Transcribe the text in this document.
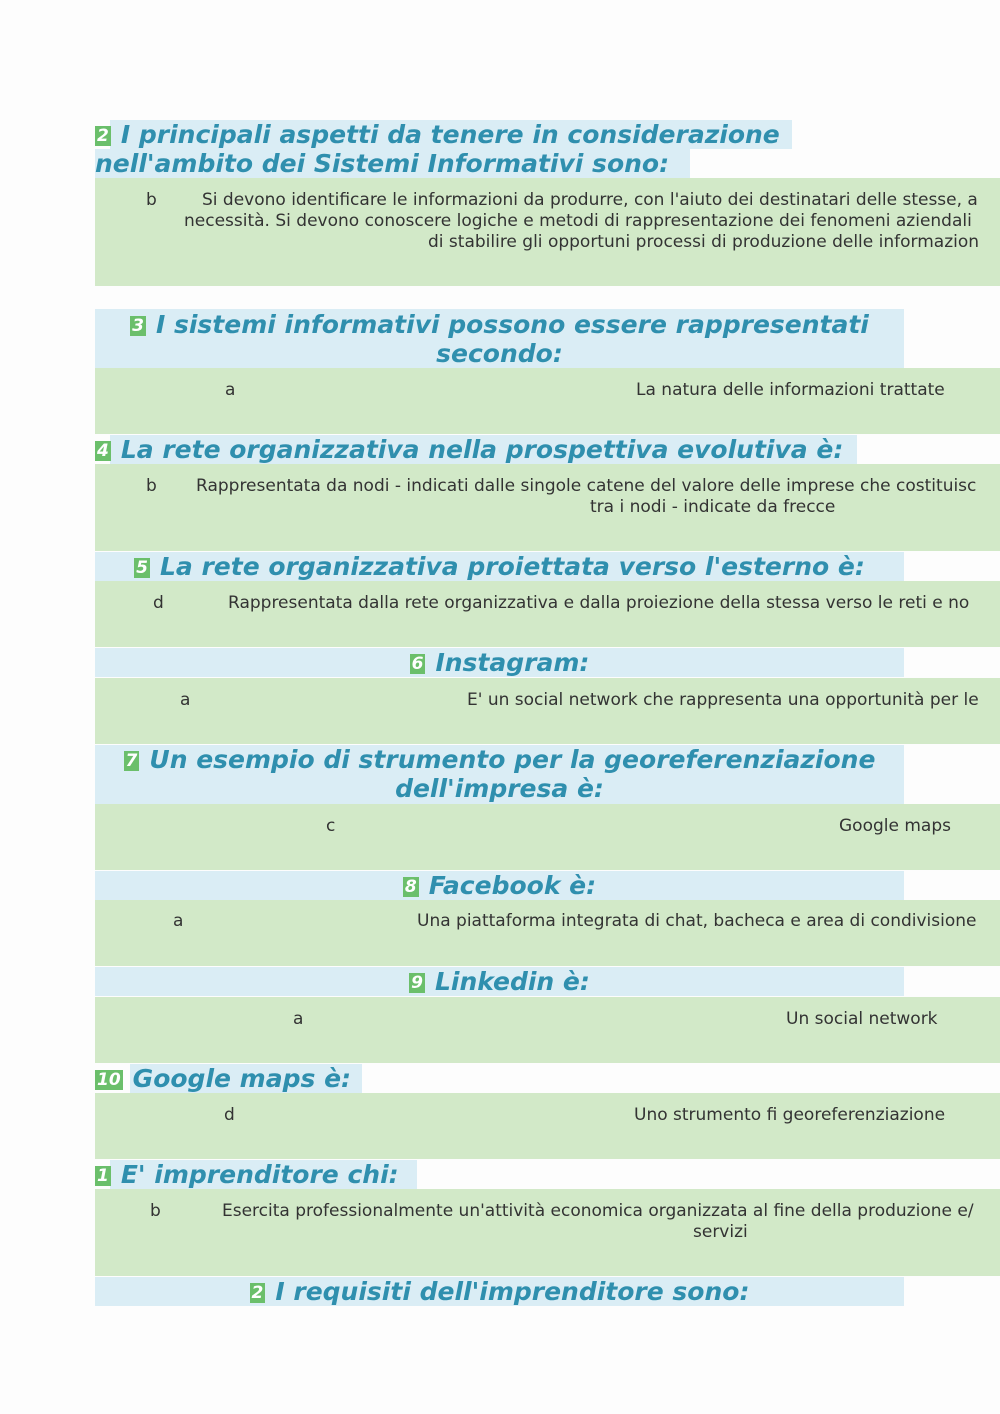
2 I principali aspetti da tenere in considerazione
nell'ambito dei Sistemi Informativi sono:
b	Si devono identificare le informazioni da produrre, con l'aiuto dei destinatari delle stesse, a
necessità. Si devono conoscere logiche e metodi di rappresentazione dei fenomeni aziendali
di stabilire gli opportuni processi di produzione delle informazion
3 I sistemi informativi possono essere rappresentati
secondo:
a	La natura delle informazioni trattate
4 La rete organizzativa nella prospettiva evolutiva è:
b Rappresentata da nodi - indicati dalle singole catene del valore delle imprese che costituisc
tra i nodi - indicate da frecce
5 La rete organizzativa proiettata verso l'esterno è:
d	Rappresentata dalla rete organizzativa e dalla proiezione della stessa verso le reti e no
6 Instagram:
a	E' un social network che rappresenta una opportunità per le
7 Un esempio di strumento per la georeferenziazione
dell'impresa è:
c	Google maps
8 Facebook è:
a	Una piattaforma integrata di chat, bacheca e area di condivisione
9 Linkedin è:
a	Un social network
10 Google maps è:
d	Uno strumento fi georeferenziazione
1 E' imprenditore chi:
b	Esercita professionalmente un'attività economica organizzata al fine della produzione e/
servizi
2 I requisiti dell'imprenditore sono:
